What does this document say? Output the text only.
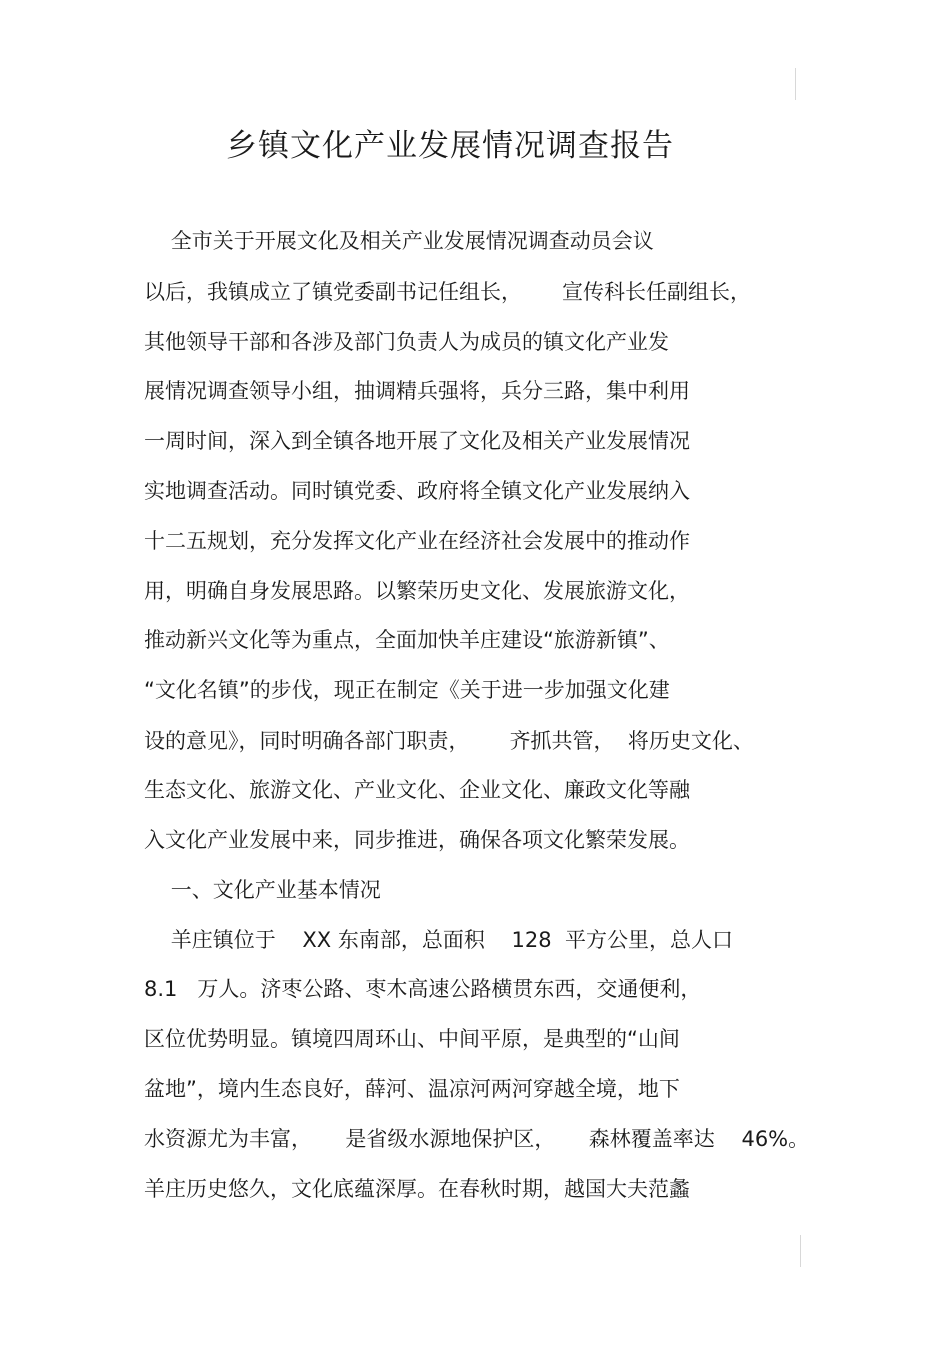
乡镇文化产业发展情况调查报告
全市关于开展文化及相关产业发展情况调查动员会议
以后，我镇成立了镇党委副书记任组长，      宣传科长任副组长，
其他领导干部和各涉及部门负责人为成员的镇文化产业发
展情况调查领导小组，抽调精兵强将，兵分三路，集中利用
一周时间，深入到全镇各地开展了文化及相关产业发展情况
实地调查活动。同时镇党委、政府将全镇文化产业发展纳入
十二五规划，充分发挥文化产业在经济社会发展中的推动作
用，明确自身发展思路。以繁荣历史文化、发展旅游文化，
推动新兴文化等为重点，全面加快羊庄建设“旅游新镇”、
“文化名镇”的步伐，现正在制定《关于进一步加强文化建
设的意见》，同时明确各部门职责，      齐抓共管，  将历史文化、
生态文化、旅游文化、产业文化、企业文化、廉政文化等融
入文化产业发展中来，同步推进，确保各项文化繁荣发展。
一、文化产业基本情况
羊庄镇位于    XX 东南部，总面积    128  平方公里，总人口
8.1   万人。济枣公路、枣木高速公路横贯东西，交通便利，
区位优势明显。镇境四周环山、中间平原，是典型的“山间
盆地”，境内生态良好，薛河、温凉河两河穿越全境，地下
水资源尤为丰富，     是省级水源地保护区，     森林覆盖率达    46%。
羊庄历史悠久，文化底蕴深厚。在春秋时期，越国大夫范蠡
